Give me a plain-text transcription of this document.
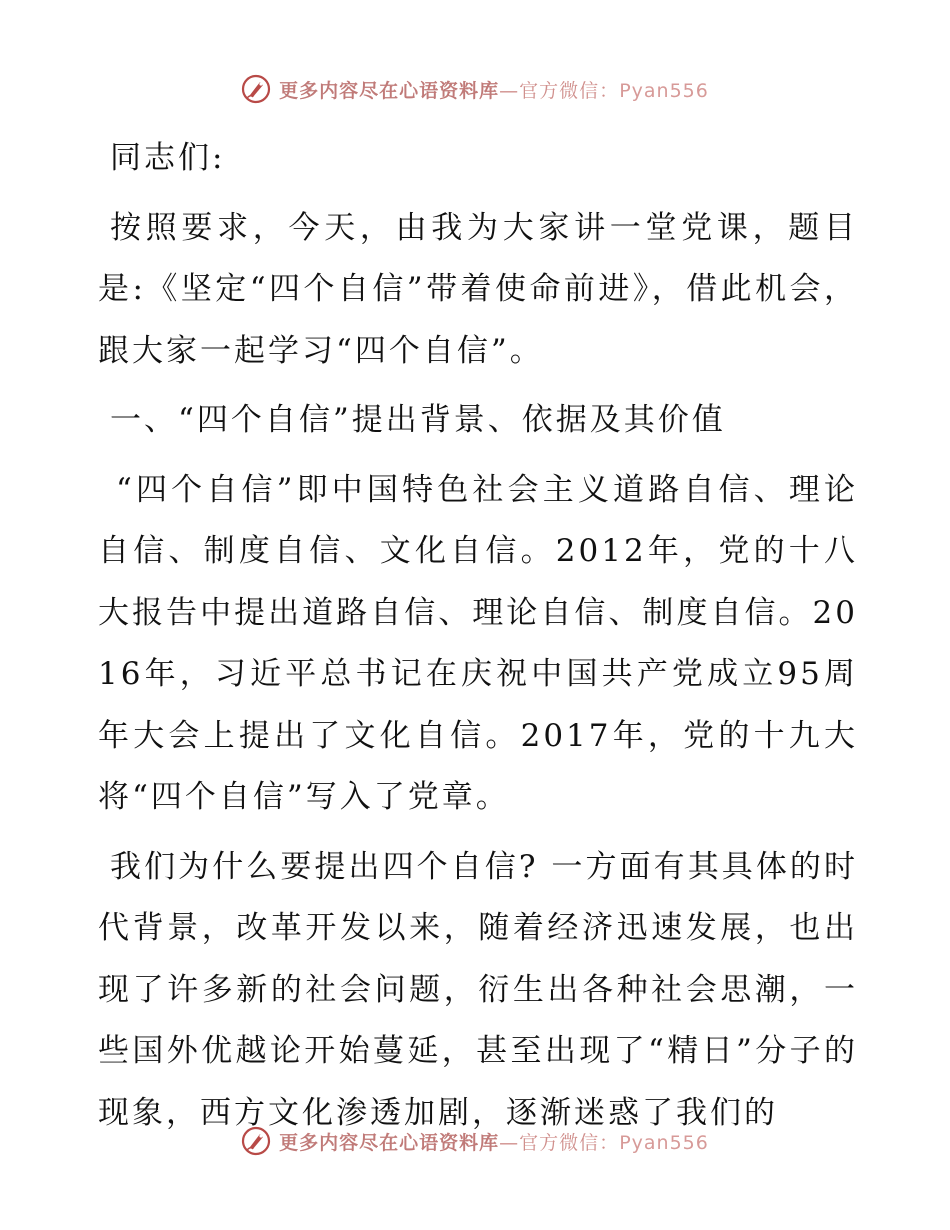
更多内容尽在心语资料库—官方微信：Pyan556

同志们:

按照要求，今天，由我为大家讲一堂党课，题目是:《坚定“四个自信”带着使命前进》，借此机会，跟大家一起学习“四个自信”。

一、“四个自信”提出背景、依据及其价值

“四个自信”即中国特色社会主义道路自信、理论自信、制度自信、文化自信。2012年，党的十八大报告中提出道路自信、理论自信、制度自信。2016年，习近平总书记在庆祝中国共产党成立95周年大会上提出了文化自信。2017年，党的十九大将“四个自信”写入了党章。

我们为什么要提出四个自信? 一方面有其具体的时代背景，改革开发以来，随着经济迅速发展，也出现了许多新的社会问题，衍生出各种社会思潮，一些国外优越论开始蔓延，甚至出现了“精日”分子的现象，西方文化渗透加剧，逐渐迷惑了我们的

更多内容尽在心语资料库—官方微信：Pyan556
